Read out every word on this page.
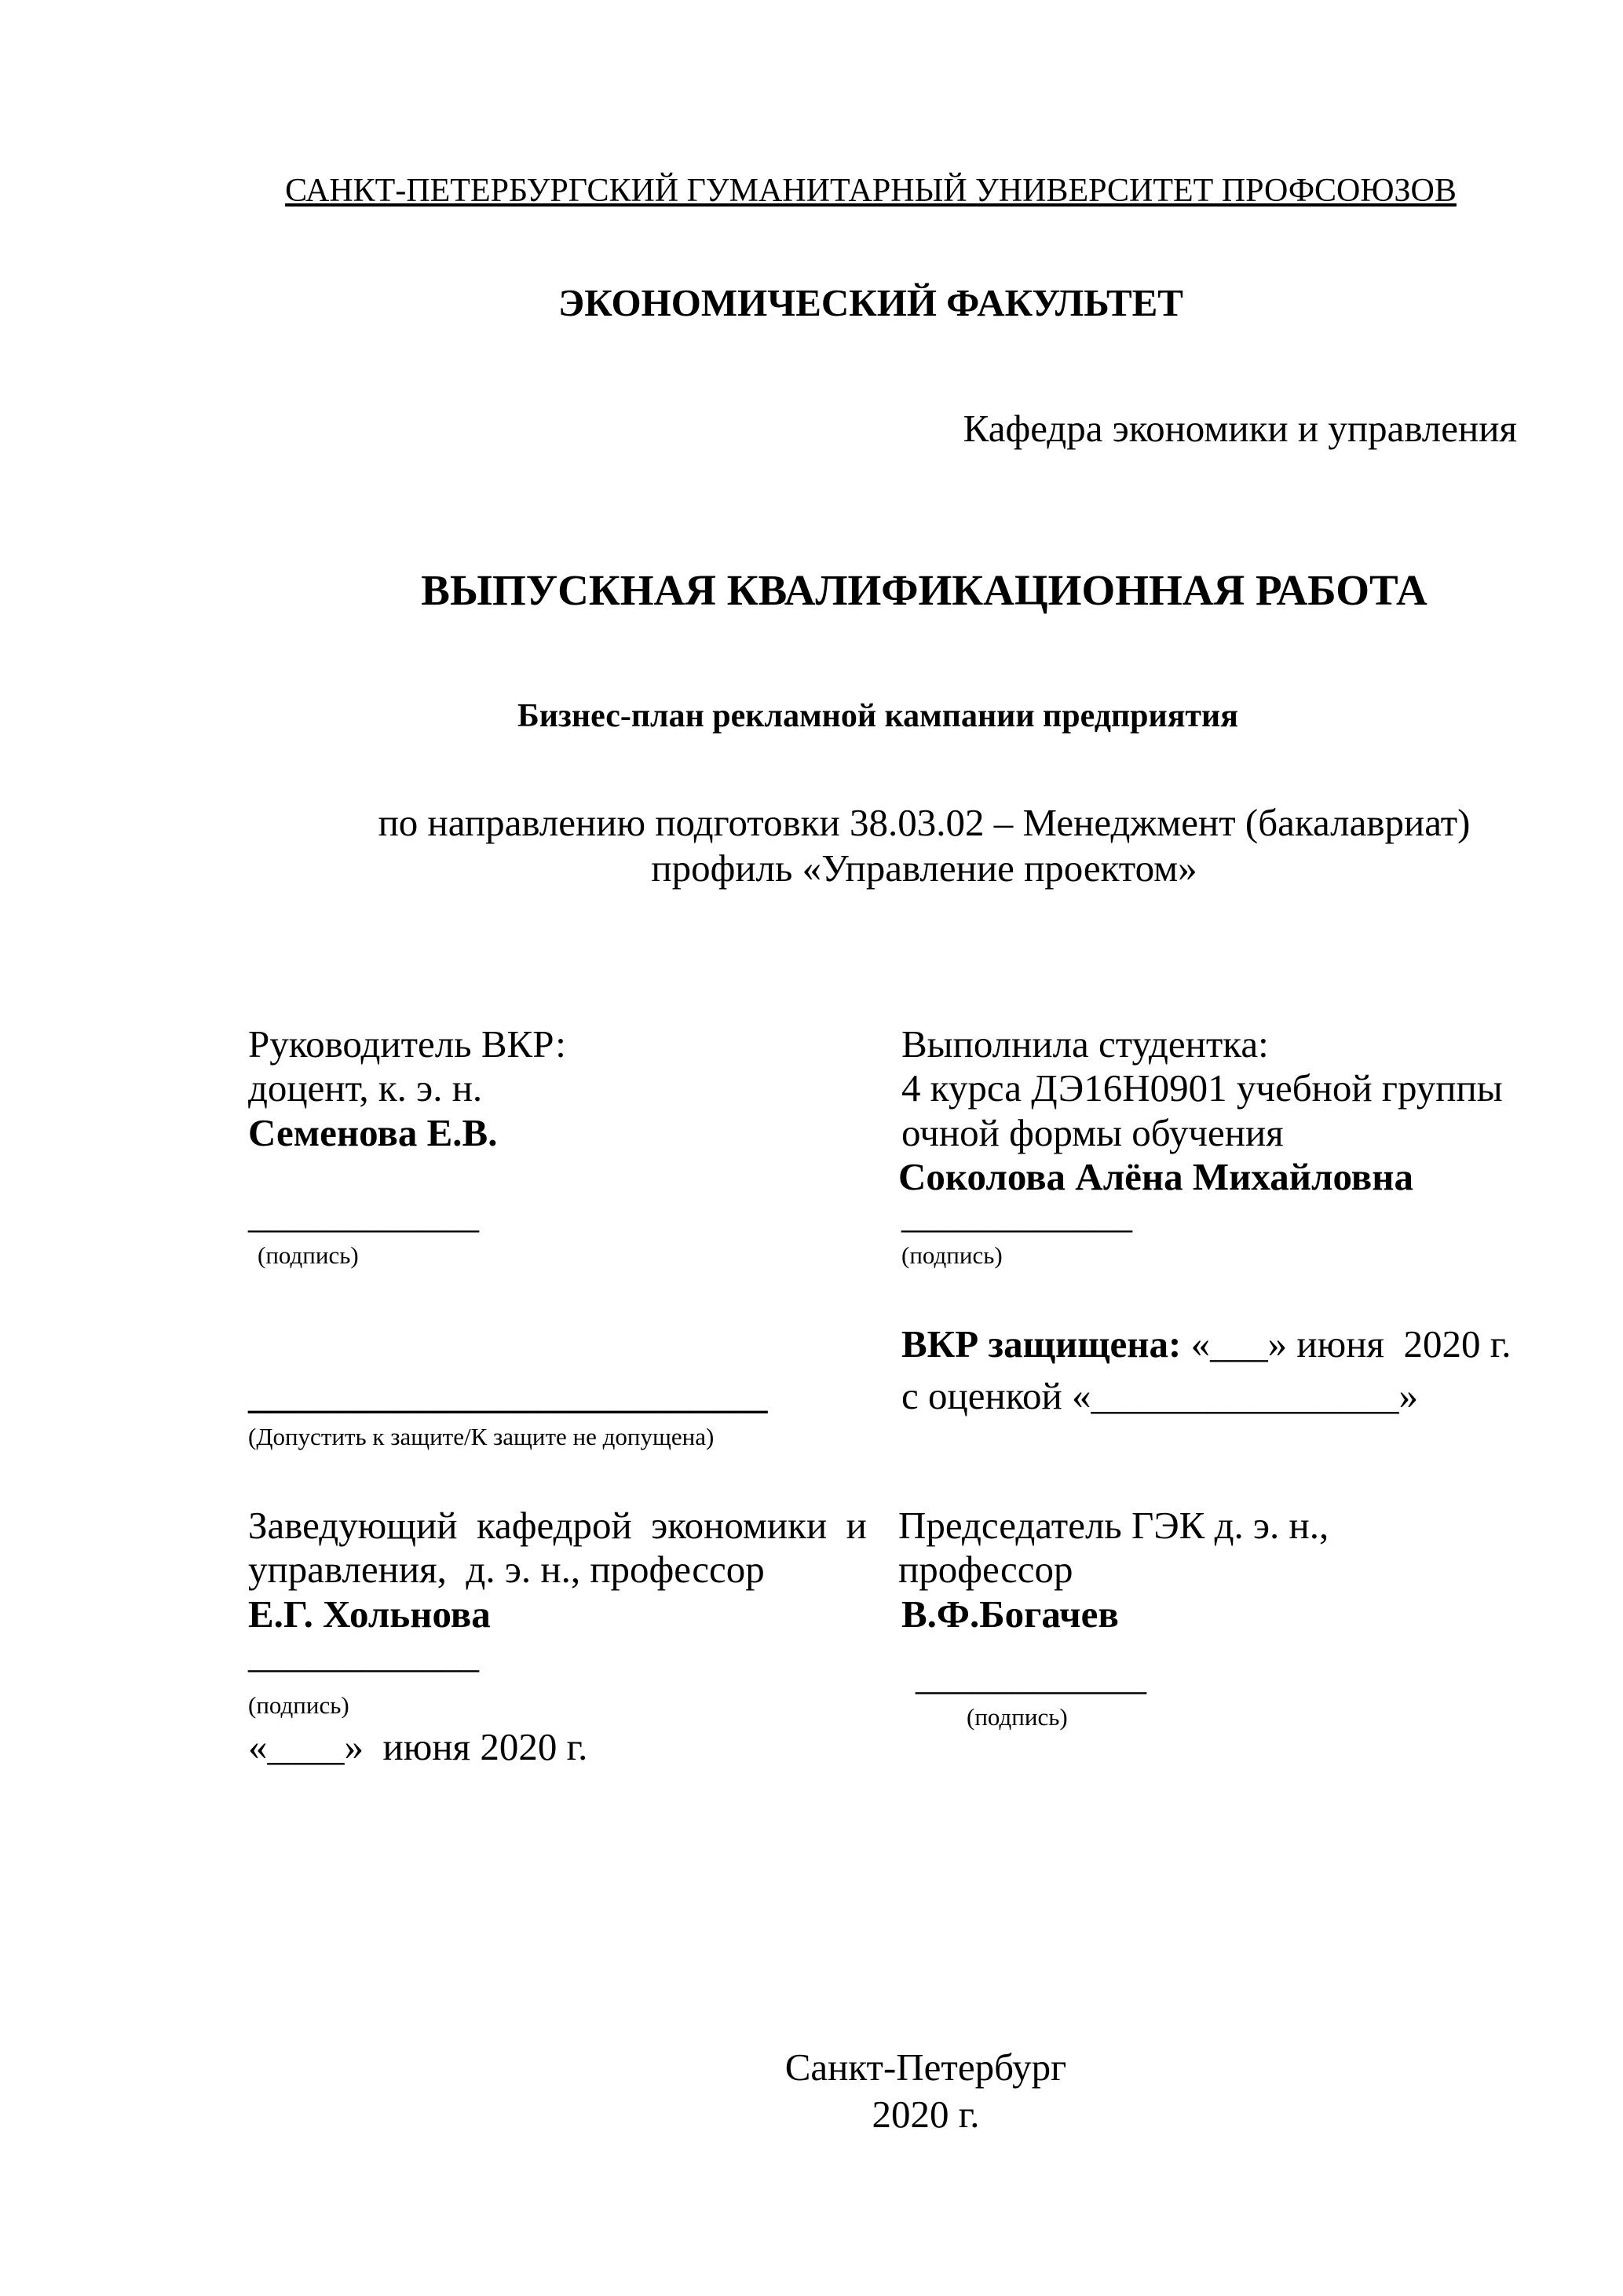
САНКТ-ПЕТЕРБУРГСКИЙ ГУМАНИТАРНЫЙ УНИВЕРСИТЕТ ПРОФСОЮЗОВ
ЭКОНОМИЧЕСКИЙ ФАКУЛЬТЕТ
Кафедра экономики и управления
ВЫПУСКНАЯ КВАЛИФИКАЦИОННАЯ РАБОТА
Бизнес-план рекламной кампании предприятия
по направлению подготовки 38.03.02 – Менеджмент (бакалавриат)
профиль «Управление проектом»
Руководитель ВКР:
доцент, к. э. н.
Семенова Е.В.
____________
(подпись)
Выполнила студентка:
4 курса ДЭ16Н0901 учебной группы
очной формы обучения
Соколова Алёна Михайловна
____________
(подпись)
___________________________
(Допустить к защите/К защите не допущена)
ВКР защищена: «___» июня  2020 г.
с оценкой «________________»
Заведующий  кафедрой  экономики  и
управления,  д. э. н., профессор
Е.Г. Хольнова
____________
(подпись)
«____»  июня 2020 г.
Председатель ГЭК д. э. н.,
профессор
В.Ф.Богачев
____________
(подпись)
Санкт-Петербург
2020 г.
